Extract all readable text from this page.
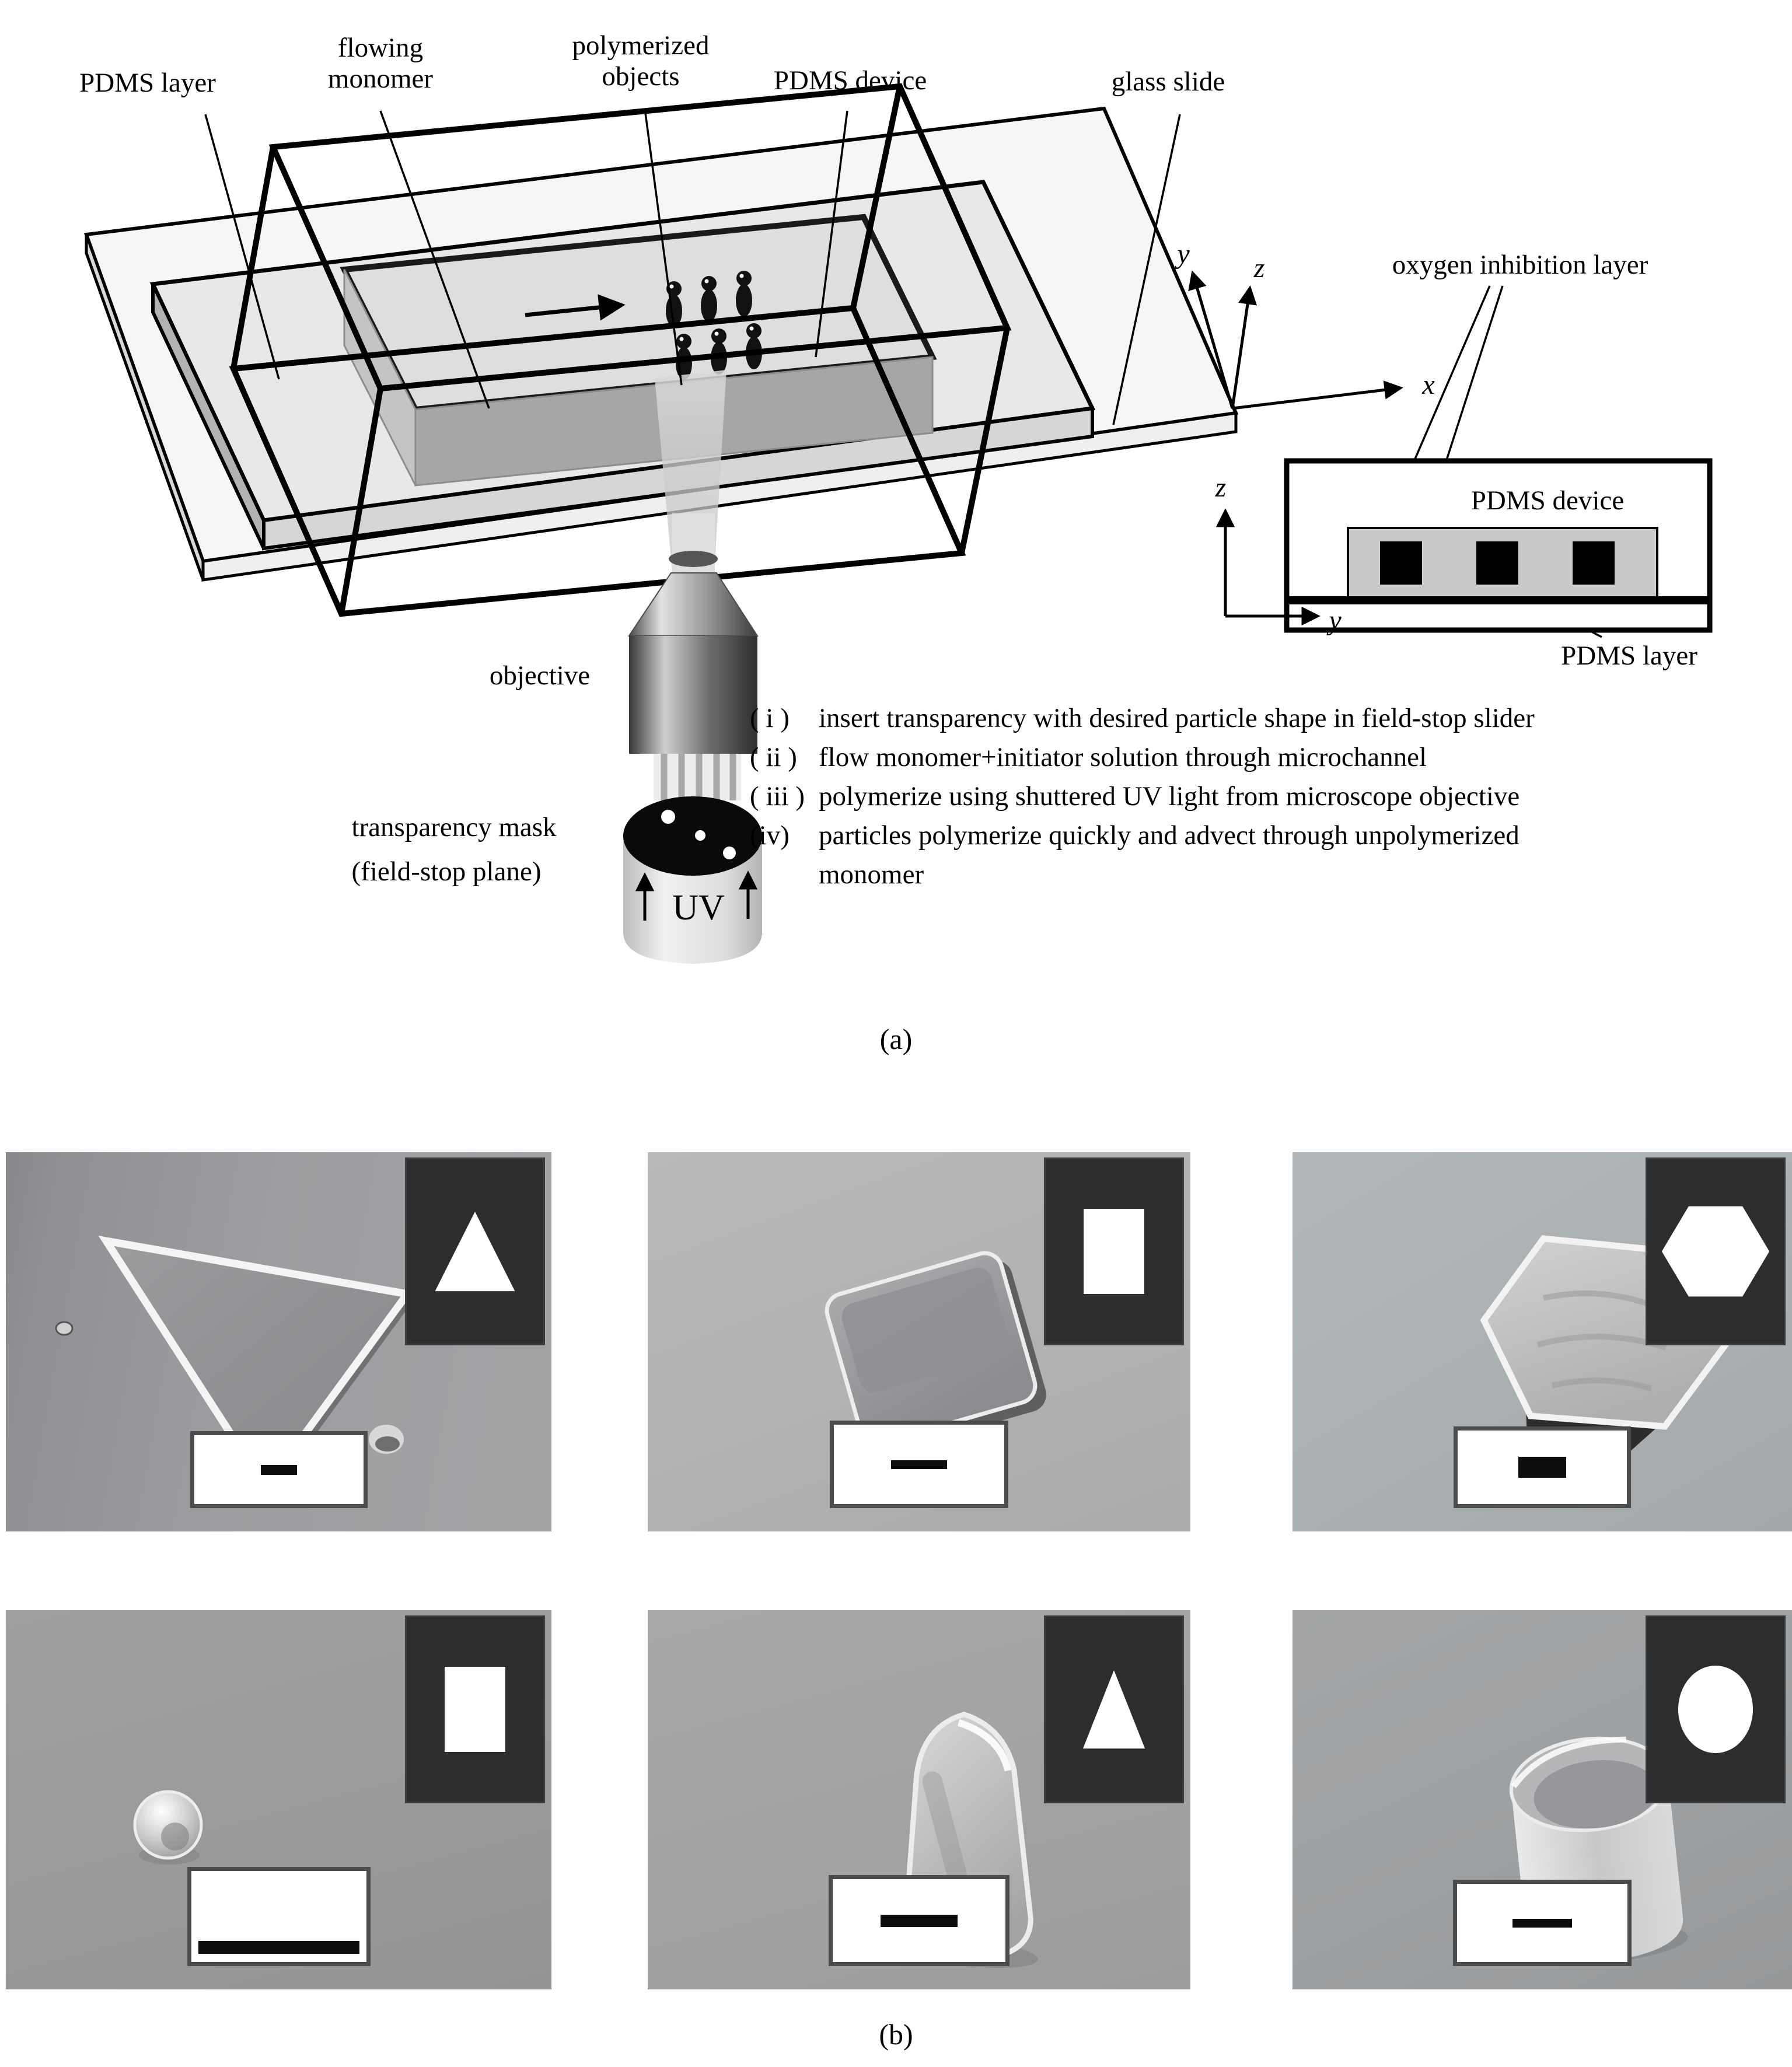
PDMS layer
flowing monomer
polymerized objects	PDMS device	glass slide
oxygen inhibition layer
x
y z
PDMS device
PDMS layer
z
y
objective
transparency mask
(field-stop plane)
UV
( i )	insert transparency with desired particle shape in field-stop slider
( ii ) flow monomer+initiator solution through microchannel
( iii ) polymerize using shuttered UV light from microscope objective
(iv)	particles polymerize quickly and advect through unpolymerized
monomer
(a)
(b)
